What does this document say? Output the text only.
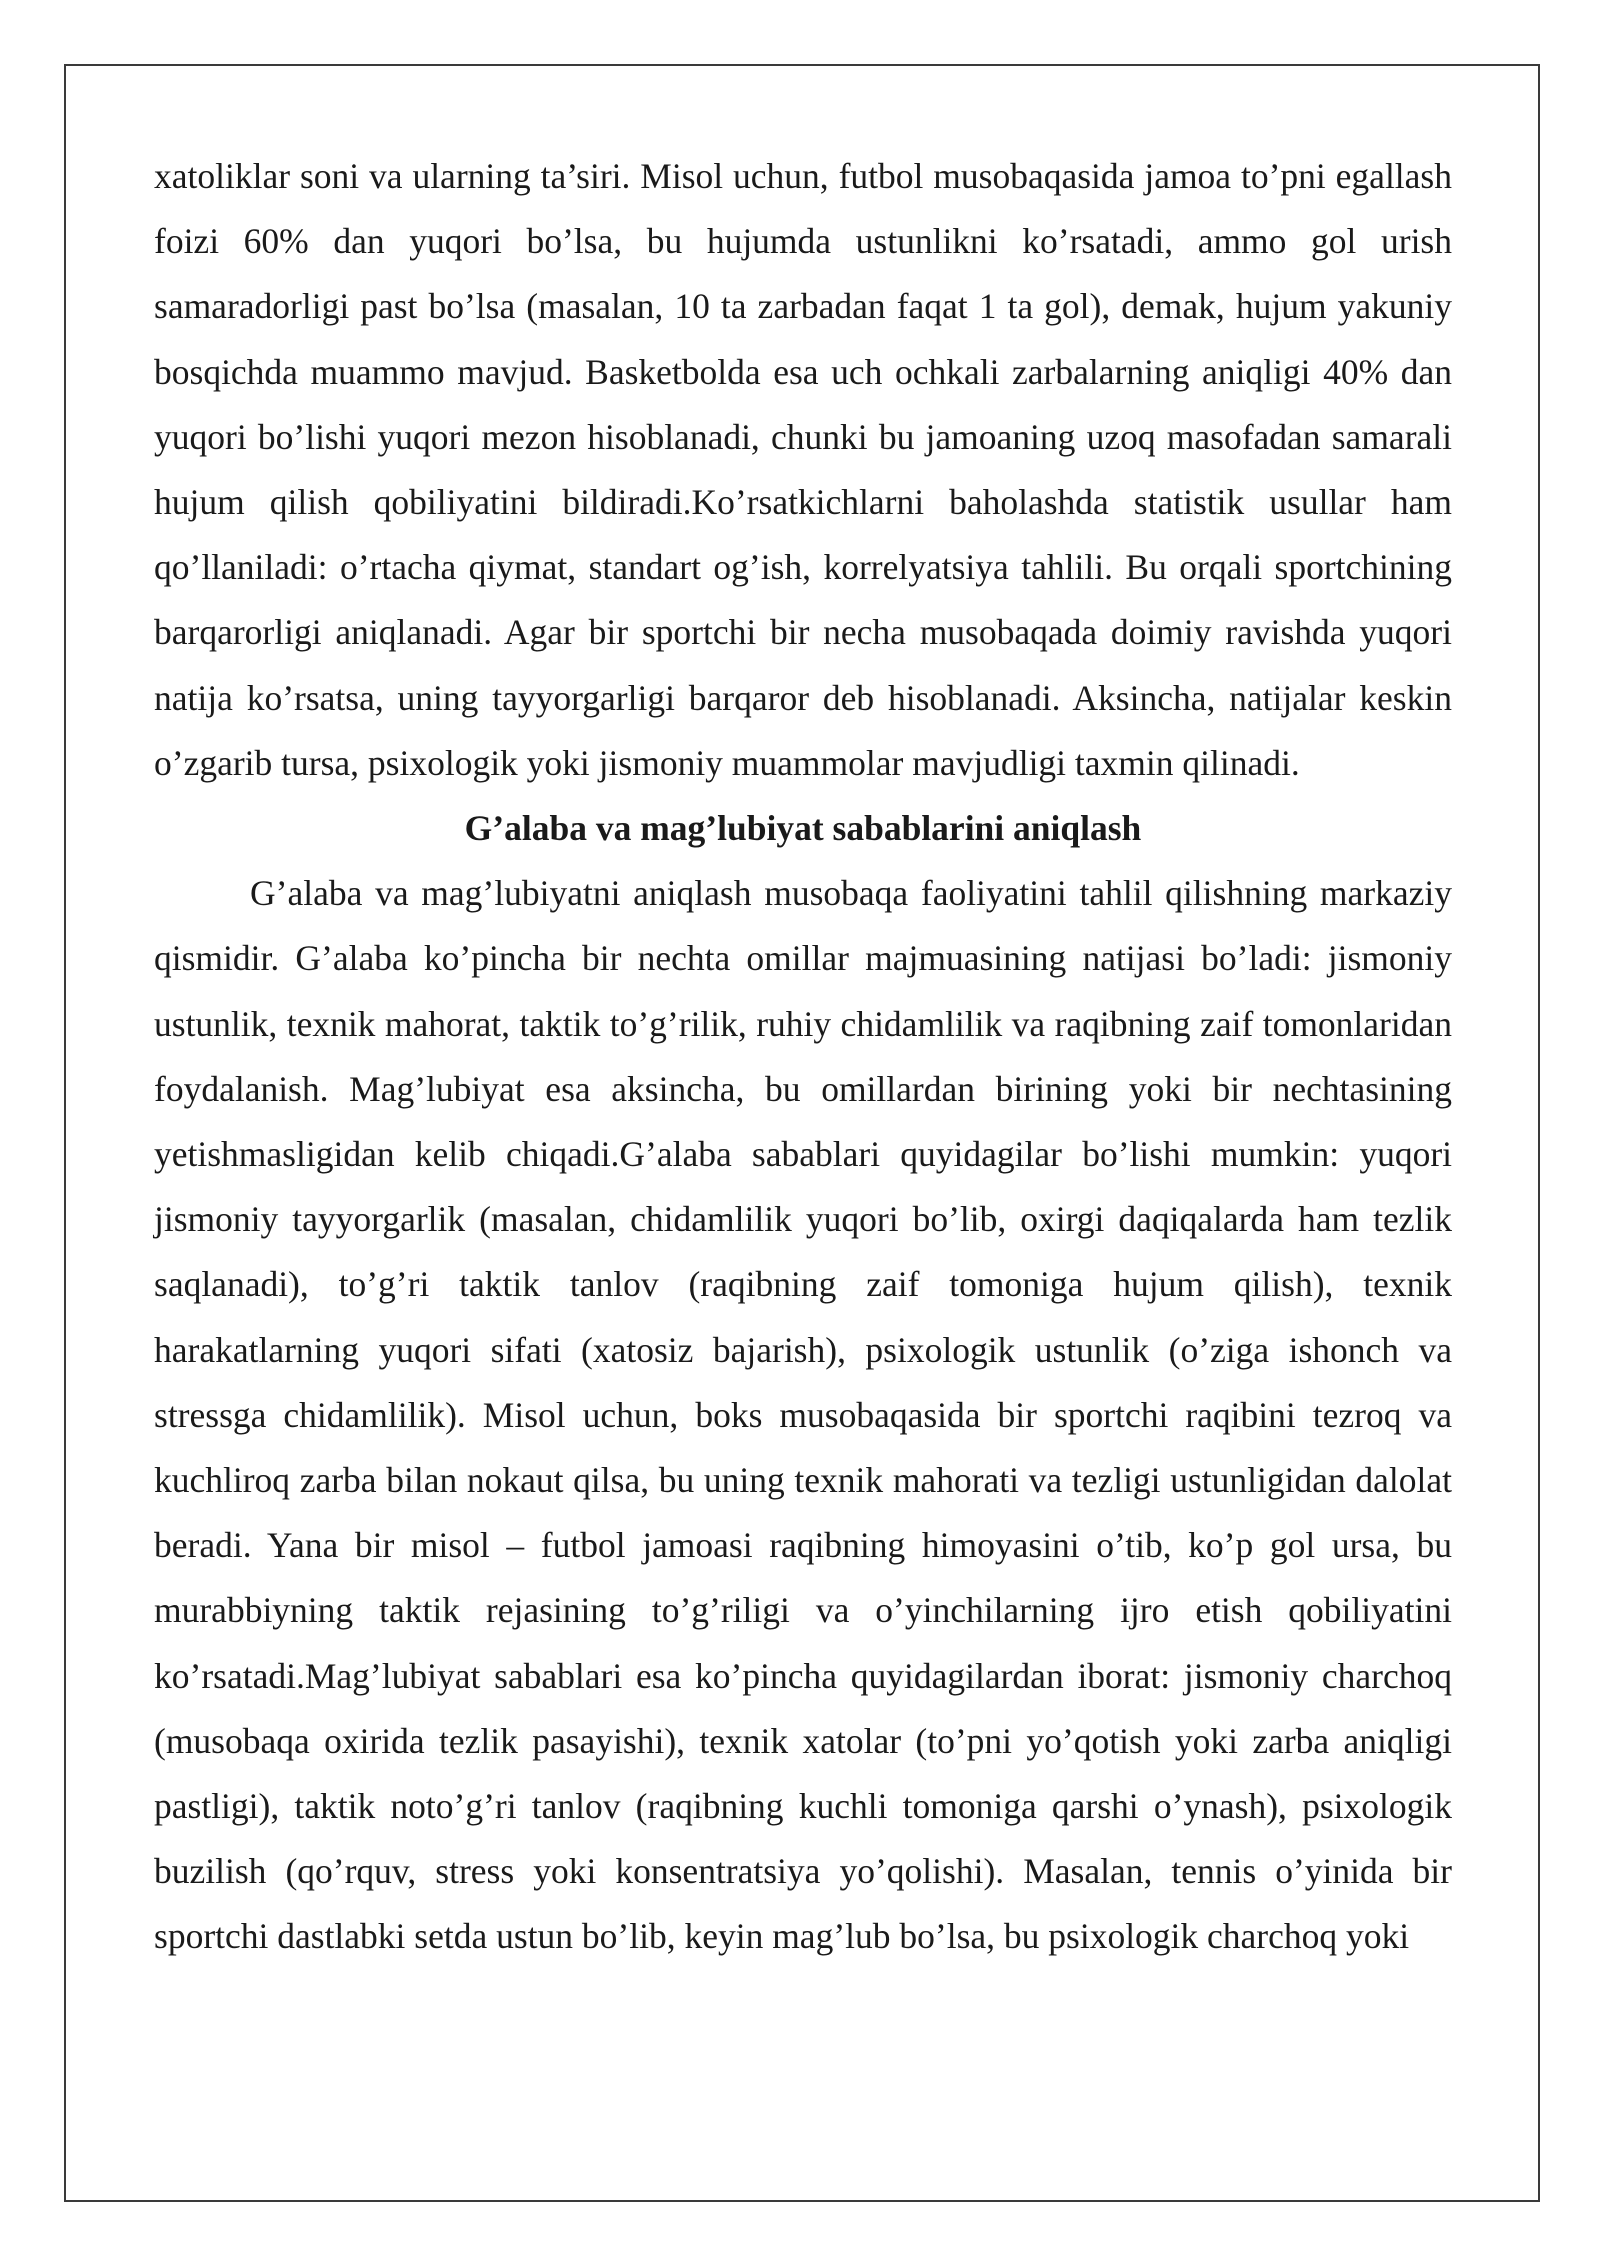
xatoliklar soni va ularning ta’siri. Misol uchun, futbol musobaqasida jamoa to’pni egallash foizi 60% dan yuqori bo’lsa, bu hujumda ustunlikni ko’rsatadi, ammo gol urish samaradorligi past bo’lsa (masalan, 10 ta zarbadan faqat 1 ta gol), demak, hujum yakuniy bosqichda muammo mavjud. Basketbolda esa uch ochkali zarbalarning aniqligi 40% dan yuqori bo’lishi yuqori mezon hisoblanadi, chunki bu jamoaning uzoq masofadan samarali hujum qilish qobiliyatini bildiradi.Ko’rsatkichlarni baholashda statistik usullar ham qo’llaniladi: o’rtacha qiymat, standart og’ish, korrelyatsiya tahlili. Bu orqali sportchining barqarorligi aniqlanadi. Agar bir sportchi bir necha musobaqada doimiy ravishda yuqori natija ko’rsatsa, uning tayyorgarligi barqaror deb hisoblanadi. Aksincha, natijalar keskin o’zgarib tursa, psixologik yoki jismoniy muammolar mavjudligi taxmin qilinadi.

G’alaba va mag’lubiyat sabablarini aniqlash

G’alaba va mag’lubiyatni aniqlash musobaqa faoliyatini tahlil qilishning markaziy qismidir. G’alaba ko’pincha bir nechta omillar majmuasining natijasi bo’ladi: jismoniy ustunlik, texnik mahorat, taktik to’g’rilik, ruhiy chidamlilik va raqibning zaif tomonlaridan foydalanish. Mag’lubiyat esa aksincha, bu omillardan birining yoki bir nechtasining yetishmasligidan kelib chiqadi.G’alaba sabablari quyidagilar bo’lishi mumkin: yuqori jismoniy tayyorgarlik (masalan, chidamlilik yuqori bo’lib, oxirgi daqiqalarda ham tezlik saqlanadi), to’g’ri taktik tanlov (raqibning zaif tomoniga hujum qilish), texnik harakatlarning yuqori sifati (xatosiz bajarish), psixologik ustunlik (o’ziga ishonch va stressga chidamlilik). Misol uchun, boks musobaqasida bir sportchi raqibini tezroq va kuchliroq zarba bilan nokaut qilsa, bu uning texnik mahorati va tezligi ustunligidan dalolat beradi. Yana bir misol – futbol jamoasi raqibning himoyasini o’tib, ko’p gol ursa, bu murabbiyning taktik rejasining to’g’riligi va o’yinchilarning ijro etish qobiliyatini ko’rsatadi.Mag’lubiyat sabablari esa ko’pincha quyidagilardan iborat: jismoniy charchoq (musobaqa oxirida tezlik pasayishi), texnik xatolar (to’pni yo’qotish yoki zarba aniqligi pastligi), taktik noto’g’ri tanlov (raqibning kuchli tomoniga qarshi o’ynash), psixologik buzilish (qo’rquv, stress yoki konsentratsiya yo’qolishi). Masalan, tennis o’yinida bir sportchi dastlabki setda ustun bo’lib, keyin mag’lub bo’lsa, bu psixologik charchoq yoki
